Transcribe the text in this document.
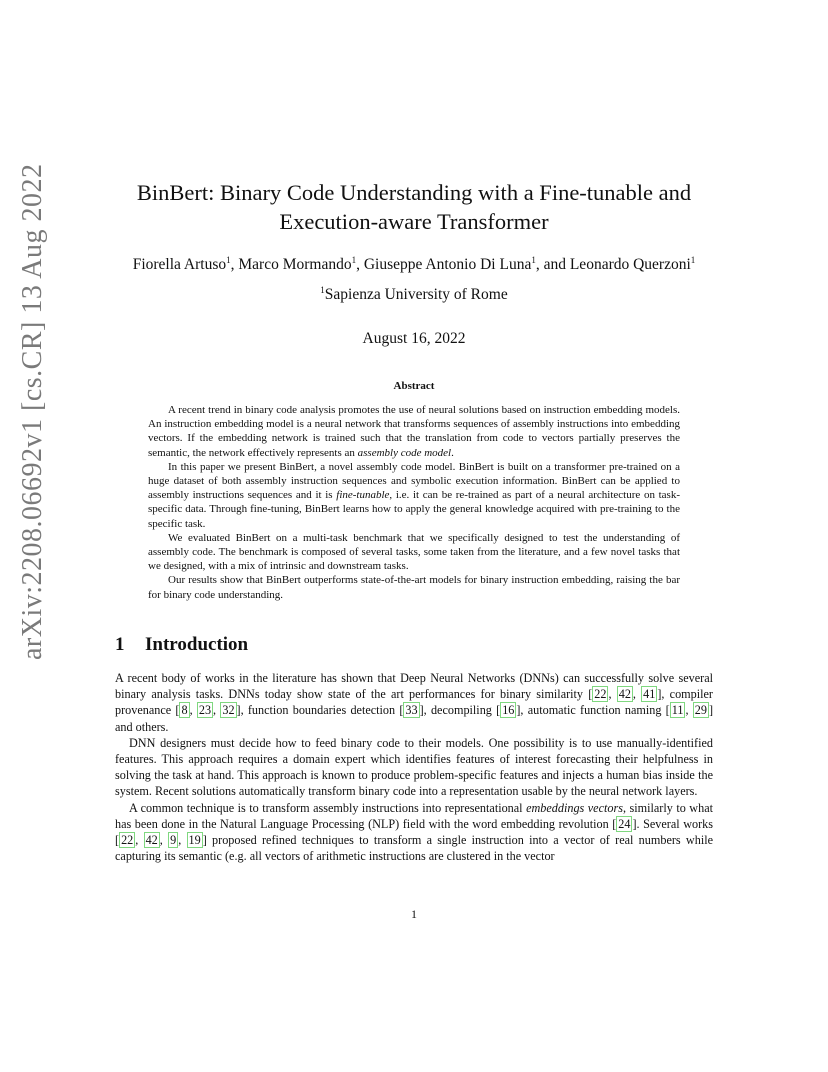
arXiv:2208.06692v1 [cs.CR] 13 Aug 2022	BinBert: Binary Code Understanding with a Fine-tunable and
Execution-aware Transformer
Fiorella Artuso$^1$, Marco Mormando$^1$, Giuseppe Antonio Di Luna$^1$, and Leonardo Querzoni$^1$
$^1$Sapienza University of Rome
August 16, 2022
Abstract

A recent trend in binary code analysis promotes the use of neural solutions based on instruction embedding models. An instruction embedding model is a neural network that transforms sequences of assembly instructions into embedding vectors. If the embedding network is trained such that the translation from code to vectors partially preserves the semantic, the network effectively represents an assembly code model.

In this paper we present BinBert, a novel assembly code model. BinBert is built on a transformer pre-trained on a huge dataset of both assembly instruction sequences and symbolic execution information. BinBert can be applied to assembly instructions sequences and it is fine-tunable, i.e. it can be re-trained as part of a neural architecture on task-specific data. Through fine-tuning, BinBert learns how to apply the general knowledge acquired with pre-training to the specific task.

We evaluated BinBert on a multi-task benchmark that we specifically designed to test the understanding of assembly code. The benchmark is composed of several tasks, some taken from the literature, and a few novel tasks that we designed, with a mix of intrinsic and downstream tasks.

Our results show that BinBert outperforms state-of-the-art models for binary instruction embedding, raising the bar for binary code understanding.

1 Introduction

A recent body of works in the literature has shown that Deep Neural Networks (DNNs) can successfully solve several binary analysis tasks. DNNs today show state of the art performances for binary similarity [ 22 , 42 , 41 ], compiler provenance [ 8 , 23 , 32 ], function boundaries detection [ 33 ], decompiling [ 16 ], automatic function naming [ 11 , 29 ] and others.

DNN designers must decide how to feed binary code to their models. One possibility is to use manually-identified features. This approach requires a domain expert which identifies features of interest forecasting their helpfulness in solving the task at hand. This approach is known to produce problem-specific features and injects a human bias inside the system. Recent solutions automatically transform binary code into a representation usable by the neural network layers.

A common technique is to transform assembly instructions into representational embeddings vectors, similarly to what has been done in the Natural Language Processing (NLP) field with the word embedding revolution [ 24 ]. Several works [ 22 , 42 , 9 , 19 ] proposed refined techniques to transform a single instruction into a vector of real numbers while capturing its semantic (e.g. all vectors of arithmetic instructions are clustered in the vector

1
